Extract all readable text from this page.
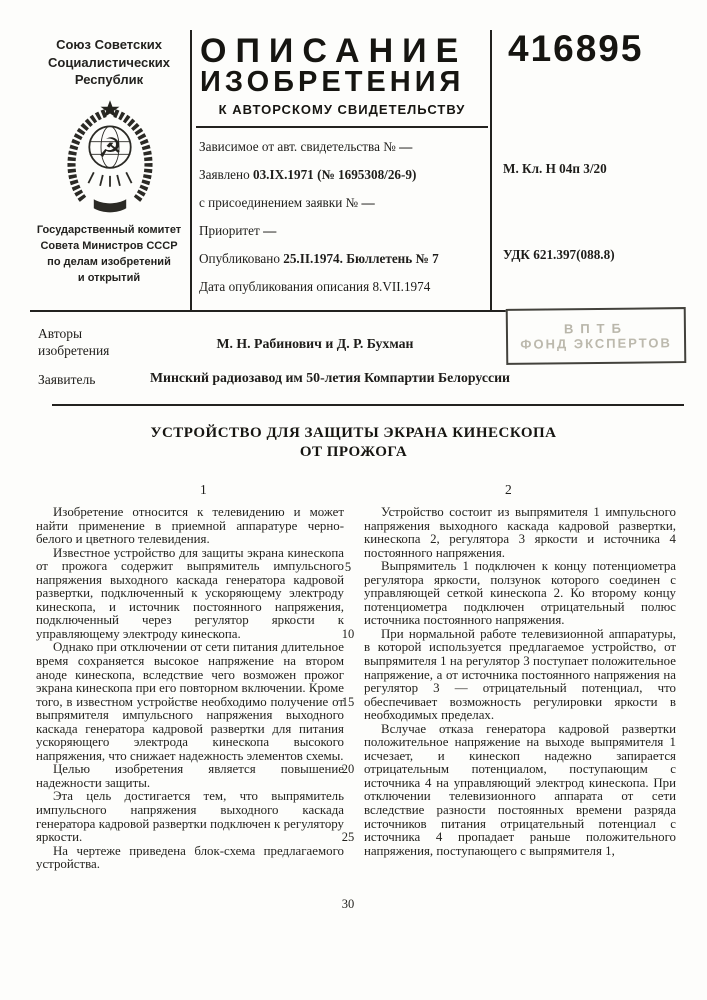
Союз Советских
Социалистических
Республик
☭
Государственный комитет
Совета Министров СССР
по делам изобретений
и открытий
ОПИСАНИЕ
ИЗОБРЕТЕНИЯ
К АВТОРСКОМУ СВИДЕТЕЛЬСТВУ
416895
Зависимое от авт. свидетельства № —
Заявлено 03.IX.1971 (№ 1695308/26-9)
с присоединением заявки № —
Приоритет —
Опубликовано 25.II.1974. Бюллетень № 7
Дата опубликования описания 8.VII.1974
М. Кл. Н 04п 3/20
УДК 621.397(088.8)
Авторы изобретения	М. Н. Рабинович и Д. Р. Бухман
Заявитель	Минский радиозавод им 50-летия Компартии Белоруссии
ВПТБ
ФОНД ЭКСПЕРТОВ
УСТРОЙСТВО ДЛЯ ЗАЩИТЫ ЭКРАНА КИНЕСКОПА
ОТ ПРОЖОГА
1	2

Изобретение относится к телевидению и может найти применение в приемной аппаратуре черно-белого и цветного телевидения.

Известное устройство для защиты экрана кинескопа от прожога содержит выпрямитель импульсного напряжения выходного каскада генератора кадровой развертки, подключенный к ускоряющему электроду кинескопа, и источник постоянного напряжения, подключенный через регулятор яркости к управляющему электроду кинескопа.

Однако при отключении от сети питания длительное время сохраняется высокое напряжение на втором аноде кинескопа, вследствие чего возможен прожог экрана кинескопа при его повторном включении. Кроме того, в известном устройстве необходимо получение от выпрямителя импульсного напряжения выходного каскада генератора кадровой развертки для питания ускоряющего электрода кинескопа высокого напряжения, что снижает надежность элементов схемы.

Целью изобретения является повышение надежности защиты.

Эта цель достигается тем, что выпрямитель импульсного напряжения выходного каскада генератора кадровой развертки подключен к регулятору яркости.

На чертеже приведена блок-схема предлагаемого устройства.

Устройство состоит из выпрямителя 1 импульсного напряжения выходного каскада кадровой развертки, кинескопа 2, регулятора 3 яркости и источника 4 постоянного напряжения.

Выпрямитель 1 подключен к концу потенциометра регулятора яркости, ползунок которого соединен с управляющей сеткой кинескопа 2. Ко второму концу потенциометра подключен отрицательный полюс источника постоянного напряжения.

При нормальной работе телевизионной аппаратуры, в которой используется предлагаемое устройство, от выпрямителя 1 на регулятор 3 поступает положительное напряжение, а от источника постоянного напряжения на регулятор 3 — отрицательный потенциал, что обеспечивает возможность регулировки яркости в необходимых пределах.

Вслучае отказа генератора кадровой развертки положительное напряжение на выходе выпрямителя 1 исчезает, и кинескоп надежно запирается отрицательным потенциалом, поступающим с источника 4 на управляющий электрод кинескопа. При отключении телевизионного аппарата от сети вследствие разности постоянных времени разряда источников питания отрицательный потенциал с источника 4 пропадает раньше положительного напряжения, поступающего с выпрямителя 1,

5
10
15
20
25
30
